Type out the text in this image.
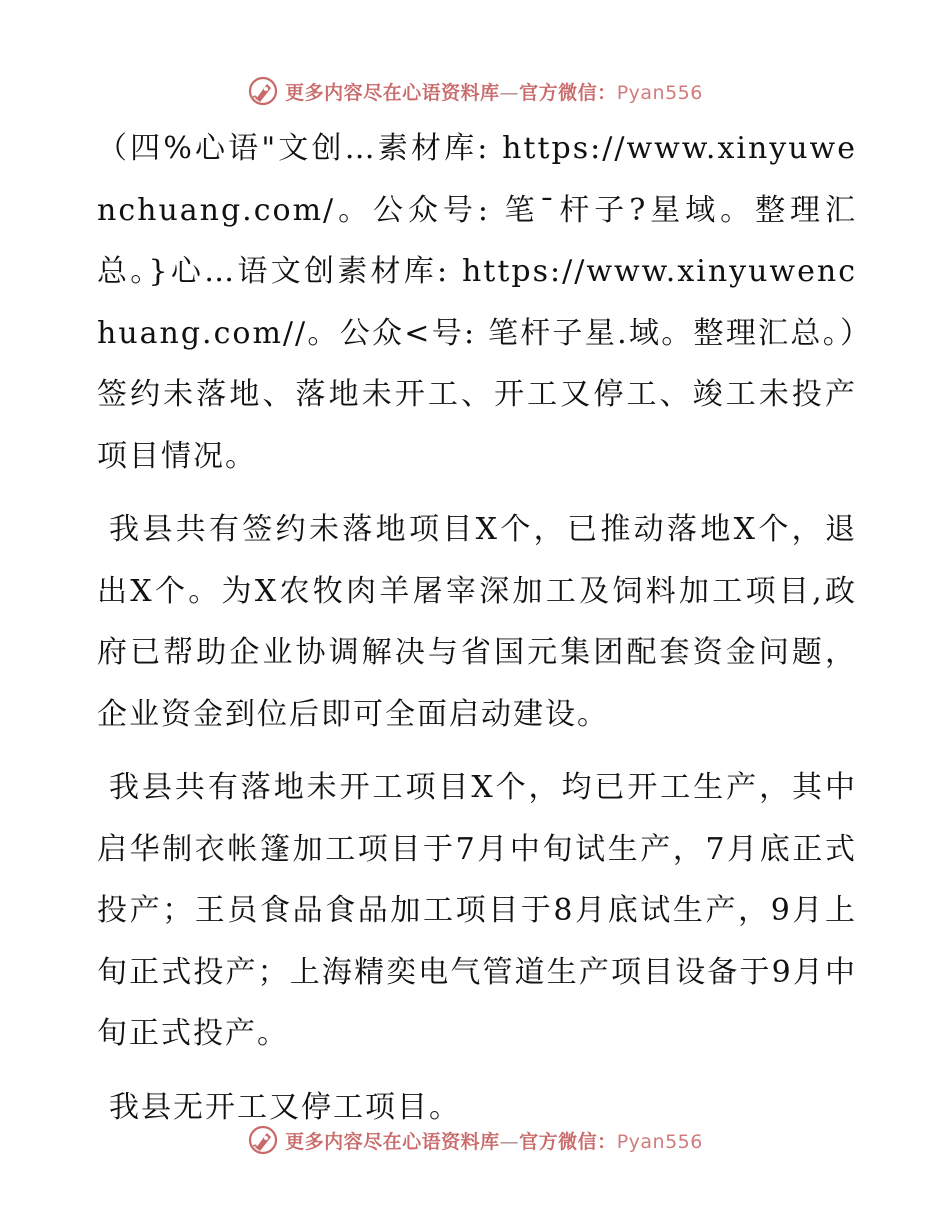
更多内容尽在心语资料库—官方微信：Pyan556

（四%心语"文创…素材库: https://www.xinyuwenchuang.com/。公众号: 笔¯杆子?星域。整理汇总。}心…语文创素材库: https://www.xinyuwenchuang.com//。公众<号: 笔杆子星.域。整理汇总。）签约未落地、落地未开工、开工又停工、竣工未投产项目情况。

我县共有签约未落地项目X个，已推动落地X个，退出X个。为X农牧肉羊屠宰深加工及饲料加工项目,政府已帮助企业协调解决与省国元集团配套资金问题，企业资金到位后即可全面启动建设。

我县共有落地未开工项目X个，均已开工生产，其中启华制衣帐篷加工项目于7月中旬试生产，7月底正式投产；王员食品食品加工项目于8月底试生产，9月上旬正式投产；上海精奕电气管道生产项目设备于9月中旬正式投产。

我县无开工又停工项目。

更多内容尽在心语资料库—官方微信：Pyan556
